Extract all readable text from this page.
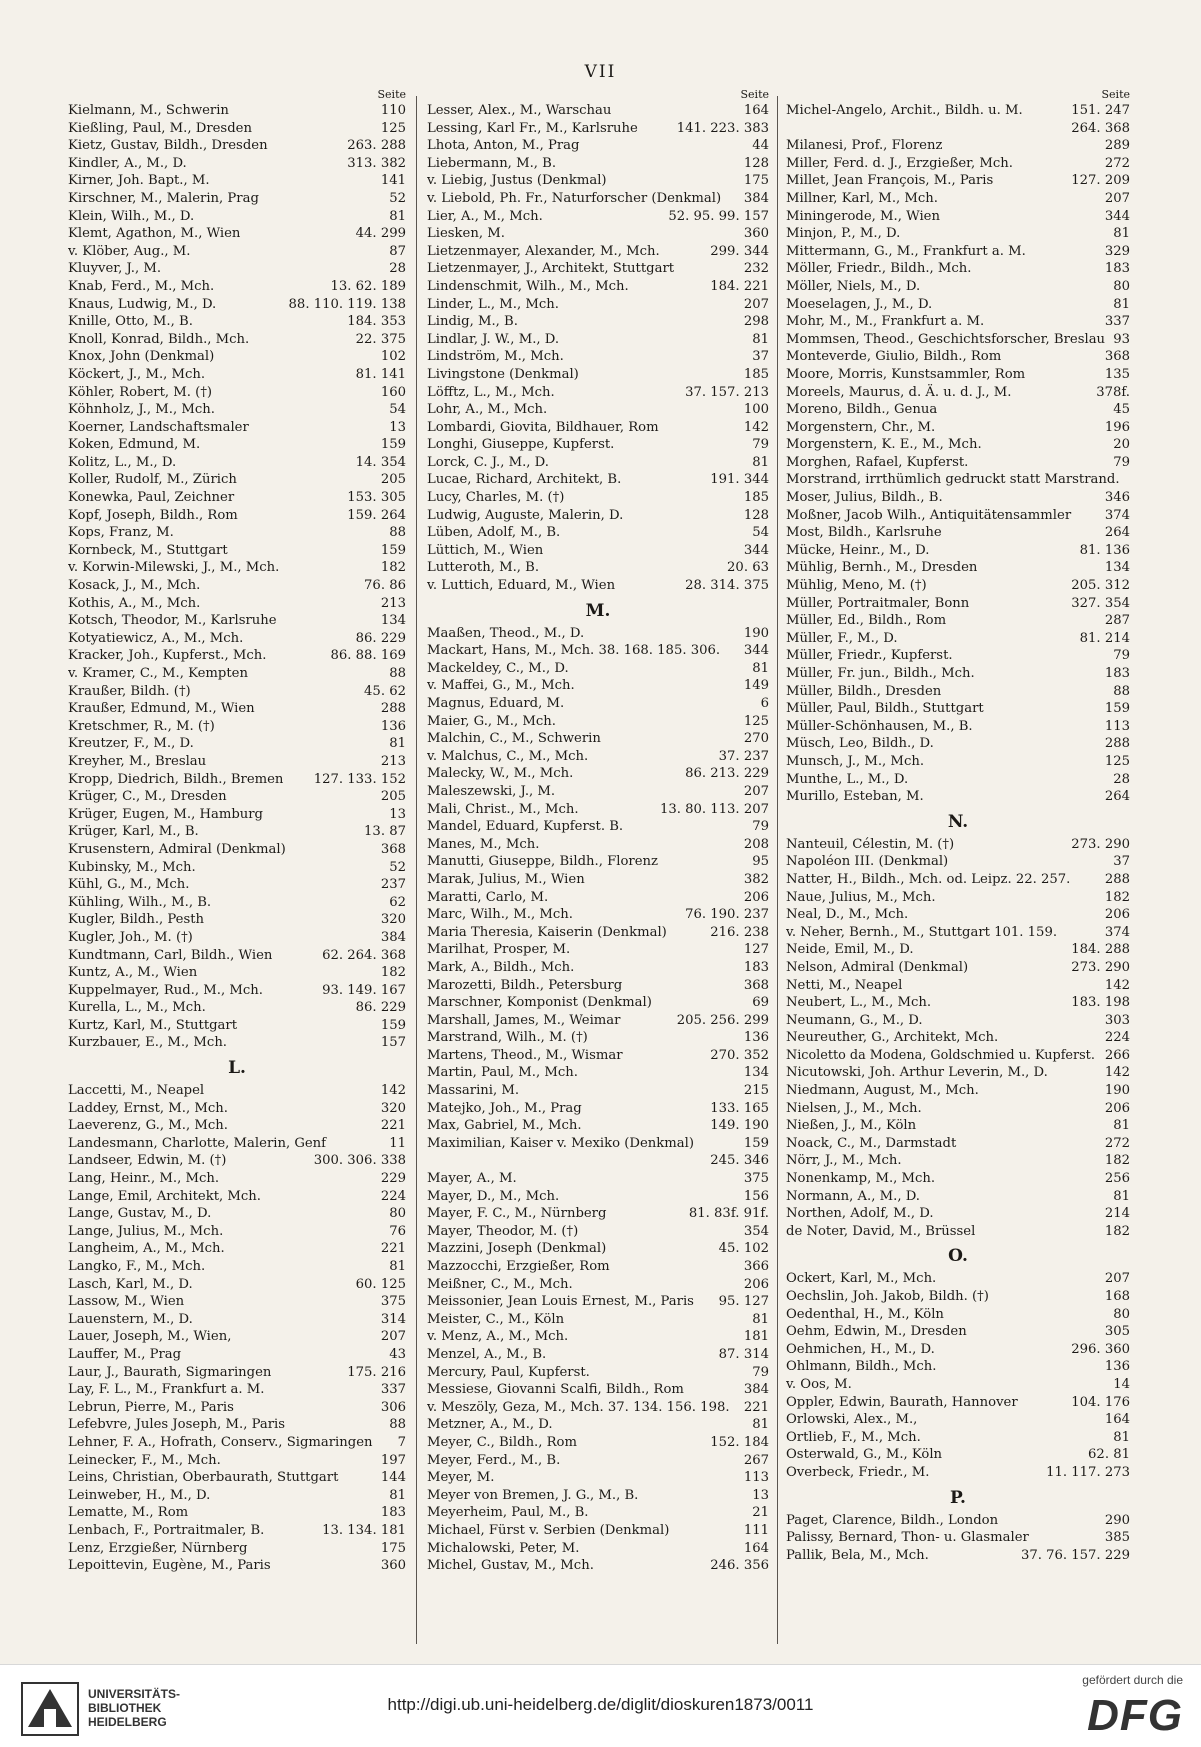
VII
Seite
Kielmann, M., Schwerin	110
Kießling, Paul, M., Dresden	125
Kietz, Gustav, Bildh., Dresden	263. 288
Kindler, A., M., D.	313. 382
Kirner, Joh. Bapt., M.	141
Kirschner, M., Malerin, Prag	52
Klein, Wilh., M., D.	81
Klemt, Agathon, M., Wien	44. 299
v. Klöber, Aug., M.	87
Kluyver, J., M.	28
Knab, Ferd., M., Mch.	13. 62. 189
Knaus, Ludwig, M., D.	88. 110. 119. 138
Knille, Otto, M., B.	184. 353
Knoll, Konrad, Bildh., Mch.	22. 375
Knox, John (Denkmal)	102
Köckert, J., M., Mch.	81. 141
Köhler, Robert, M. (†)	160
Köhnholz, J., M., Mch.	54
Koerner, Landschaftsmaler	13
Koken, Edmund, M.	159
Kolitz, L., M., D.	14. 354
Koller, Rudolf, M., Zürich	205
Konewka, Paul, Zeichner	153. 305
Kopf, Joseph, Bildh., Rom	159. 264
Kops, Franz, M.	88
Kornbeck, M., Stuttgart	159
v. Korwin-Milewski, J., M., Mch.	182
Kosack, J., M., Mch.	76. 86
Kothis, A., M., Mch.	213
Kotsch, Theodor, M., Karlsruhe	134
Kotyatiewicz, A., M., Mch.	86. 229
Kracker, Joh., Kupferst., Mch.	86. 88. 169
v. Kramer, C., M., Kempten	88
Kraußer, Bildh. (†)	45. 62
Kraußer, Edmund, M., Wien	288
Kretschmer, R., M. (†)	136
Kreutzer, F., M., D.	81
Kreyher, M., Breslau	213
Kropp, Diedrich, Bildh., Bremen	127. 133. 152
Krüger, C., M., Dresden	205
Krüger, Eugen, M., Hamburg	13
Krüger, Karl, M., B.	13. 87
Krusenstern, Admiral (Denkmal)	368
Kubinsky, M., Mch.	52
Kühl, G., M., Mch.	237
Kühling, Wilh., M., B.	62
Kugler, Bildh., Pesth	320
Kugler, Joh., M. (†)	384
Kundtmann, Carl, Bildh., Wien	62. 264. 368
Kuntz, A., M., Wien	182
Kuppelmayer, Rud., M., Mch.	93. 149. 167
Kurella, L., M., Mch.	86. 229
Kurtz, Karl, M., Stuttgart	159
Kurzbauer, E., M., Mch.	157
L.
Laccetti, M., Neapel	142
Laddey, Ernst, M., Mch.	320
Laeverenz, G., M., Mch.	221
Landesmann, Charlotte, Malerin, Genf	11
Landseer, Edwin, M. (†)	300. 306. 338
Lang, Heinr., M., Mch.	229
Lange, Emil, Architekt, Mch.	224
Lange, Gustav, M., D.	80
Lange, Julius, M., Mch.	76
Langheim, A., M., Mch.	221
Langko, F., M., Mch.	81
Lasch, Karl, M., D.	60. 125
Lassow, M., Wien	375
Lauenstern, M., D.	314
Lauer, Joseph, M., Wien,	207
Lauffer, M., Prag	43
Laur, J., Baurath, Sigmaringen	175. 216
Lay, F. L., M., Frankfurt a. M.	337
Lebrun, Pierre, M., Paris	306
Lefebvre, Jules Joseph, M., Paris	88
Lehner, F. A., Hofrath, Conserv., Sigmaringen	7
Leinecker, F., M., Mch.	197
Leins, Christian, Oberbaurath, Stuttgart	144
Leinweber, H., M., D.	81
Lematte, M., Rom	183
Lenbach, F., Portraitmaler, B.	13. 134. 181
Lenz, Erzgießer, Nürnberg	175
Lepoittevin, Eugène, M., Paris	360
Seite
Lesser, Alex., M., Warschau	164
Lessing, Karl Fr., M., Karlsruhe	141. 223. 383
Lhota, Anton, M., Prag	44
Liebermann, M., B.	128
v. Liebig, Justus (Denkmal)	175
v. Liebold, Ph. Fr., Naturforscher (Denkmal)	384
Lier, A., M., Mch.	52. 95. 99. 157
Liesken, M.	360
Lietzenmayer, Alexander, M., Mch.	299. 344
Lietzenmayer, J., Architekt, Stuttgart	232
Lindenschmit, Wilh., M., Mch.	184. 221
Linder, L., M., Mch.	207
Lindig, M., B.	298
Lindlar, J. W., M., D.	81
Lindström, M., Mch.	37
Livingstone (Denkmal)	185
Löfftz, L., M., Mch.	37. 157. 213
Lohr, A., M., Mch.	100
Lombardi, Giovita, Bildhauer, Rom	142
Longhi, Giuseppe, Kupferst.	79
Lorck, C. J., M., D.	81
Lucae, Richard, Architekt, B.	191. 344
Lucy, Charles, M. (†)	185
Ludwig, Auguste, Malerin, D.	128
Lüben, Adolf, M., B.	54
Lüttich, M., Wien	344
Lutteroth, M., B.	20. 63
v. Luttich, Eduard, M., Wien	28. 314. 375
M.
Maaßen, Theod., M., D.	190
Mackart, Hans, M., Mch. 38. 168. 185. 306.	344
Mackeldey, C., M., D.	81
v. Maffei, G., M., Mch.	149
Magnus, Eduard, M.	6
Maier, G., M., Mch.	125
Malchin, C., M., Schwerin	270
v. Malchus, C., M., Mch.	37. 237
Malecky, W., M., Mch.	86. 213. 229
Maleszewski, J., M.	207
Mali, Christ., M., Mch.	13. 80. 113. 207
Mandel, Eduard, Kupferst. B.	79
Manes, M., Mch.	208
Manutti, Giuseppe, Bildh., Florenz	95
Marak, Julius, M., Wien	382
Maratti, Carlo, M.	206
Marc, Wilh., M., Mch.	76. 190. 237
Maria Theresia, Kaiserin (Denkmal)	216. 238
Marilhat, Prosper, M.	127
Mark, A., Bildh., Mch.	183
Marozetti, Bildh., Petersburg	368
Marschner, Komponist (Denkmal)	69
Marshall, James, M., Weimar	205. 256. 299
Marstrand, Wilh., M. (†)	136
Martens, Theod., M., Wismar	270. 352
Martin, Paul, M., Mch.	134
Massarini, M.	215
Matejko, Joh., M., Prag	133. 165
Max, Gabriel, M., Mch.	149. 190
Maximilian, Kaiser v. Mexiko (Denkmal)	159
245. 346
Mayer, A., M.	375
Mayer, D., M., Mch.	156
Mayer, F. C., M., Nürnberg	81. 83f. 91f.
Mayer, Theodor, M. (†)	354
Mazzini, Joseph (Denkmal)	45. 102
Mazzocchi, Erzgießer, Rom	366
Meißner, C., M., Mch.	206
Meissonier, Jean Louis Ernest, M., Paris	95. 127
Meister, C., M., Köln	81
v. Menz, A., M., Mch.	181
Menzel, A., M., B.	87. 314
Mercury, Paul, Kupferst.	79
Messiese, Giovanni Scalfi, Bildh., Rom	384
v. Meszöly, Geza, M., Mch. 37. 134. 156. 198.	221
Metzner, A., M., D.	81
Meyer, C., Bildh., Rom	152. 184
Meyer, Ferd., M., B.	267
Meyer, M.	113
Meyer von Bremen, J. G., M., B.	13
Meyerheim, Paul, M., B.	21
Michael, Fürst v. Serbien (Denkmal)	111
Michalowski, Peter, M.	164
Michel, Gustav, M., Mch.	246. 356
Seite
Michel-Angelo, Archit., Bildh. u. M.	151. 247
264. 368
Milanesi, Prof., Florenz	289
Miller, Ferd. d. J., Erzgießer, Mch.	272
Millet, Jean François, M., Paris	127. 209
Millner, Karl, M., Mch.	207
Miningerode, M., Wien	344
Minjon, P., M., D.	81
Mittermann, G., M., Frankfurt a. M.	329
Möller, Friedr., Bildh., Mch.	183
Möller, Niels, M., D.	80
Moeselagen, J., M., D.	81
Mohr, M., M., Frankfurt a. M.	337
Mommsen, Theod., Geschichtsforscher, Breslau 93
Monteverde, Giulio, Bildh., Rom	368
Moore, Morris, Kunstsammler, Rom	135
Moreels, Maurus, d. Ä. u. d. J., M.	378f.
Moreno, Bildh., Genua	45
Morgenstern, Chr., M.	196
Morgenstern, K. E., M., Mch.	20
Morghen, Rafael, Kupferst.	79
Morstrand, irrthümlich gedruckt statt Marstrand.
Moser, Julius, Bildh., B.	346
Moßner, Jacob Wilh., Antiquitätensammler	374
Most, Bildh., Karlsruhe	264
Mücke, Heinr., M., D.	81. 136
Mühlig, Bernh., M., Dresden	134
Mühlig, Meno, M. (†)	205. 312
Müller, Portraitmaler, Bonn	327. 354
Müller, Ed., Bildh., Rom	287
Müller, F., M., D.	81. 214
Müller, Friedr., Kupferst.	79
Müller, Fr. jun., Bildh., Mch.	183
Müller, Bildh., Dresden	88
Müller, Paul, Bildh., Stuttgart	159
Müller-Schönhausen, M., B.	113
Müsch, Leo, Bildh., D.	288
Munsch, J., M., Mch.	125
Munthe, L., M., D.	28
Murillo, Esteban, M.	264
N.
Nanteuil, Célestin, M. (†)	273. 290
Napoléon III. (Denkmal)	37
Natter, H., Bildh., Mch. od. Leipz. 22. 257.	288
Naue, Julius, M., Mch.	182
Neal, D., M., Mch.	206
v. Neher, Bernh., M., Stuttgart 101. 159.	374
Neide, Emil, M., D.	184. 288
Nelson, Admiral (Denkmal)	273. 290
Netti, M., Neapel	142
Neubert, L., M., Mch.	183. 198
Neumann, G., M., D.	303
Neureuther, G., Architekt, Mch.	224
Nicoletto da Modena, Goldschmied u. Kupferst. 266
Nicutowski, Joh. Arthur Leverin, M., D.	142
Niedmann, August, M., Mch.	190
Nielsen, J., M., Mch.	206
Nießen, J., M., Köln	81
Noack, C., M., Darmstadt	272
Nörr, J., M., Mch.	182
Nonenkamp, M., Mch.	256
Normann, A., M., D.	81
Northen, Adolf, M., D.	214
de Noter, David, M., Brüssel	182
O.
Ockert, Karl, M., Mch.	207
Oechslin, Joh. Jakob, Bildh. (†)	168
Oedenthal, H., M., Köln	80
Oehm, Edwin, M., Dresden	305
Oehmichen, H., M., D.	296. 360
Ohlmann, Bildh., Mch.	136
v. Oos, M.	14
Oppler, Edwin, Baurath, Hannover	104. 176
Orlowski, Alex., M.,	164
Ortlieb, F., M., Mch.	81
Osterwald, G., M., Köln	62. 81
Overbeck, Friedr., M.	11. 117. 273
P.
Paget, Clarence, Bildh., London	290
Palissy, Bernard, Thon- u. Glasmaler	385
Pallik, Bela, M., Mch.	37. 76. 157. 229
UNIVERSITÄTS-
BIBLIOTHEK
HEIDELBERG
http://digi.ub.uni-heidelberg.de/diglit/dioskuren1873/0011
gefördert durch die
DFG
